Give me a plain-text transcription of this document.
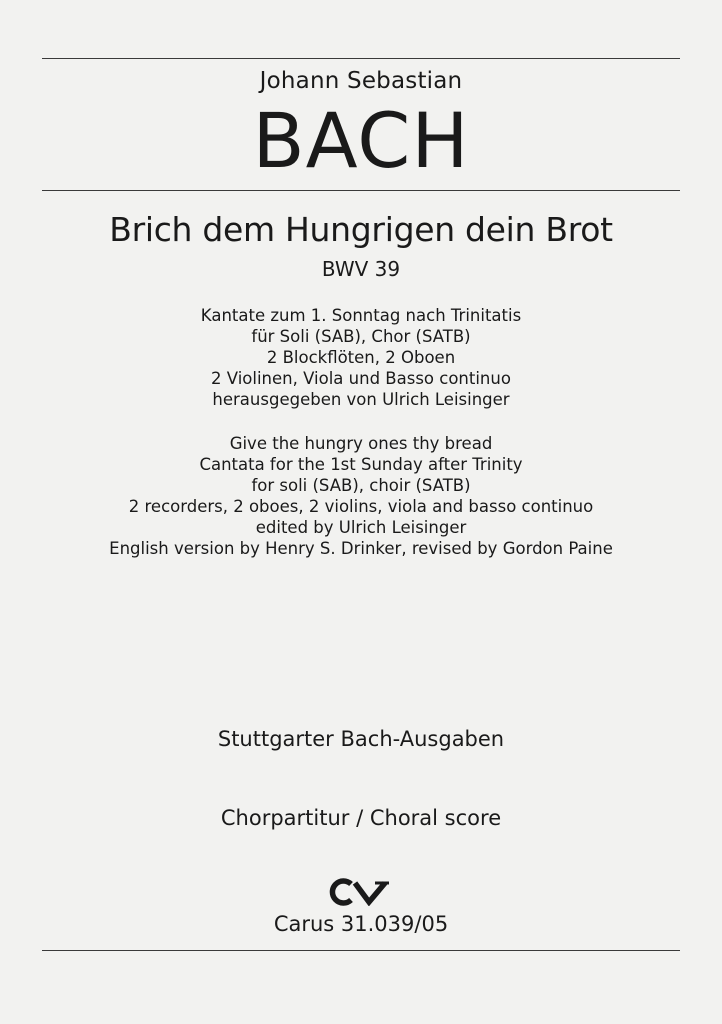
Johann Sebastian
BACH
Brich dem Hungrigen dein Brot
BWV 39
Kantate zum 1. Sonntag nach Trinitatis
für Soli (SAB), Chor (SATB)
2 Blockflöten, 2 Oboen
2 Violinen, Viola und Basso continuo
herausgegeben von Ulrich Leisinger
Give the hungry ones thy bread
Cantata for the 1st Sunday after Trinity
for soli (SAB), choir (SATB)
2 recorders, 2 oboes, 2 violins, viola and basso continuo
edited by Ulrich Leisinger
English version by Henry S. Drinker, revised by Gordon Paine
Stuttgarter Bach-Ausgaben
Chorpartitur / Choral score
Carus 31.039/05
